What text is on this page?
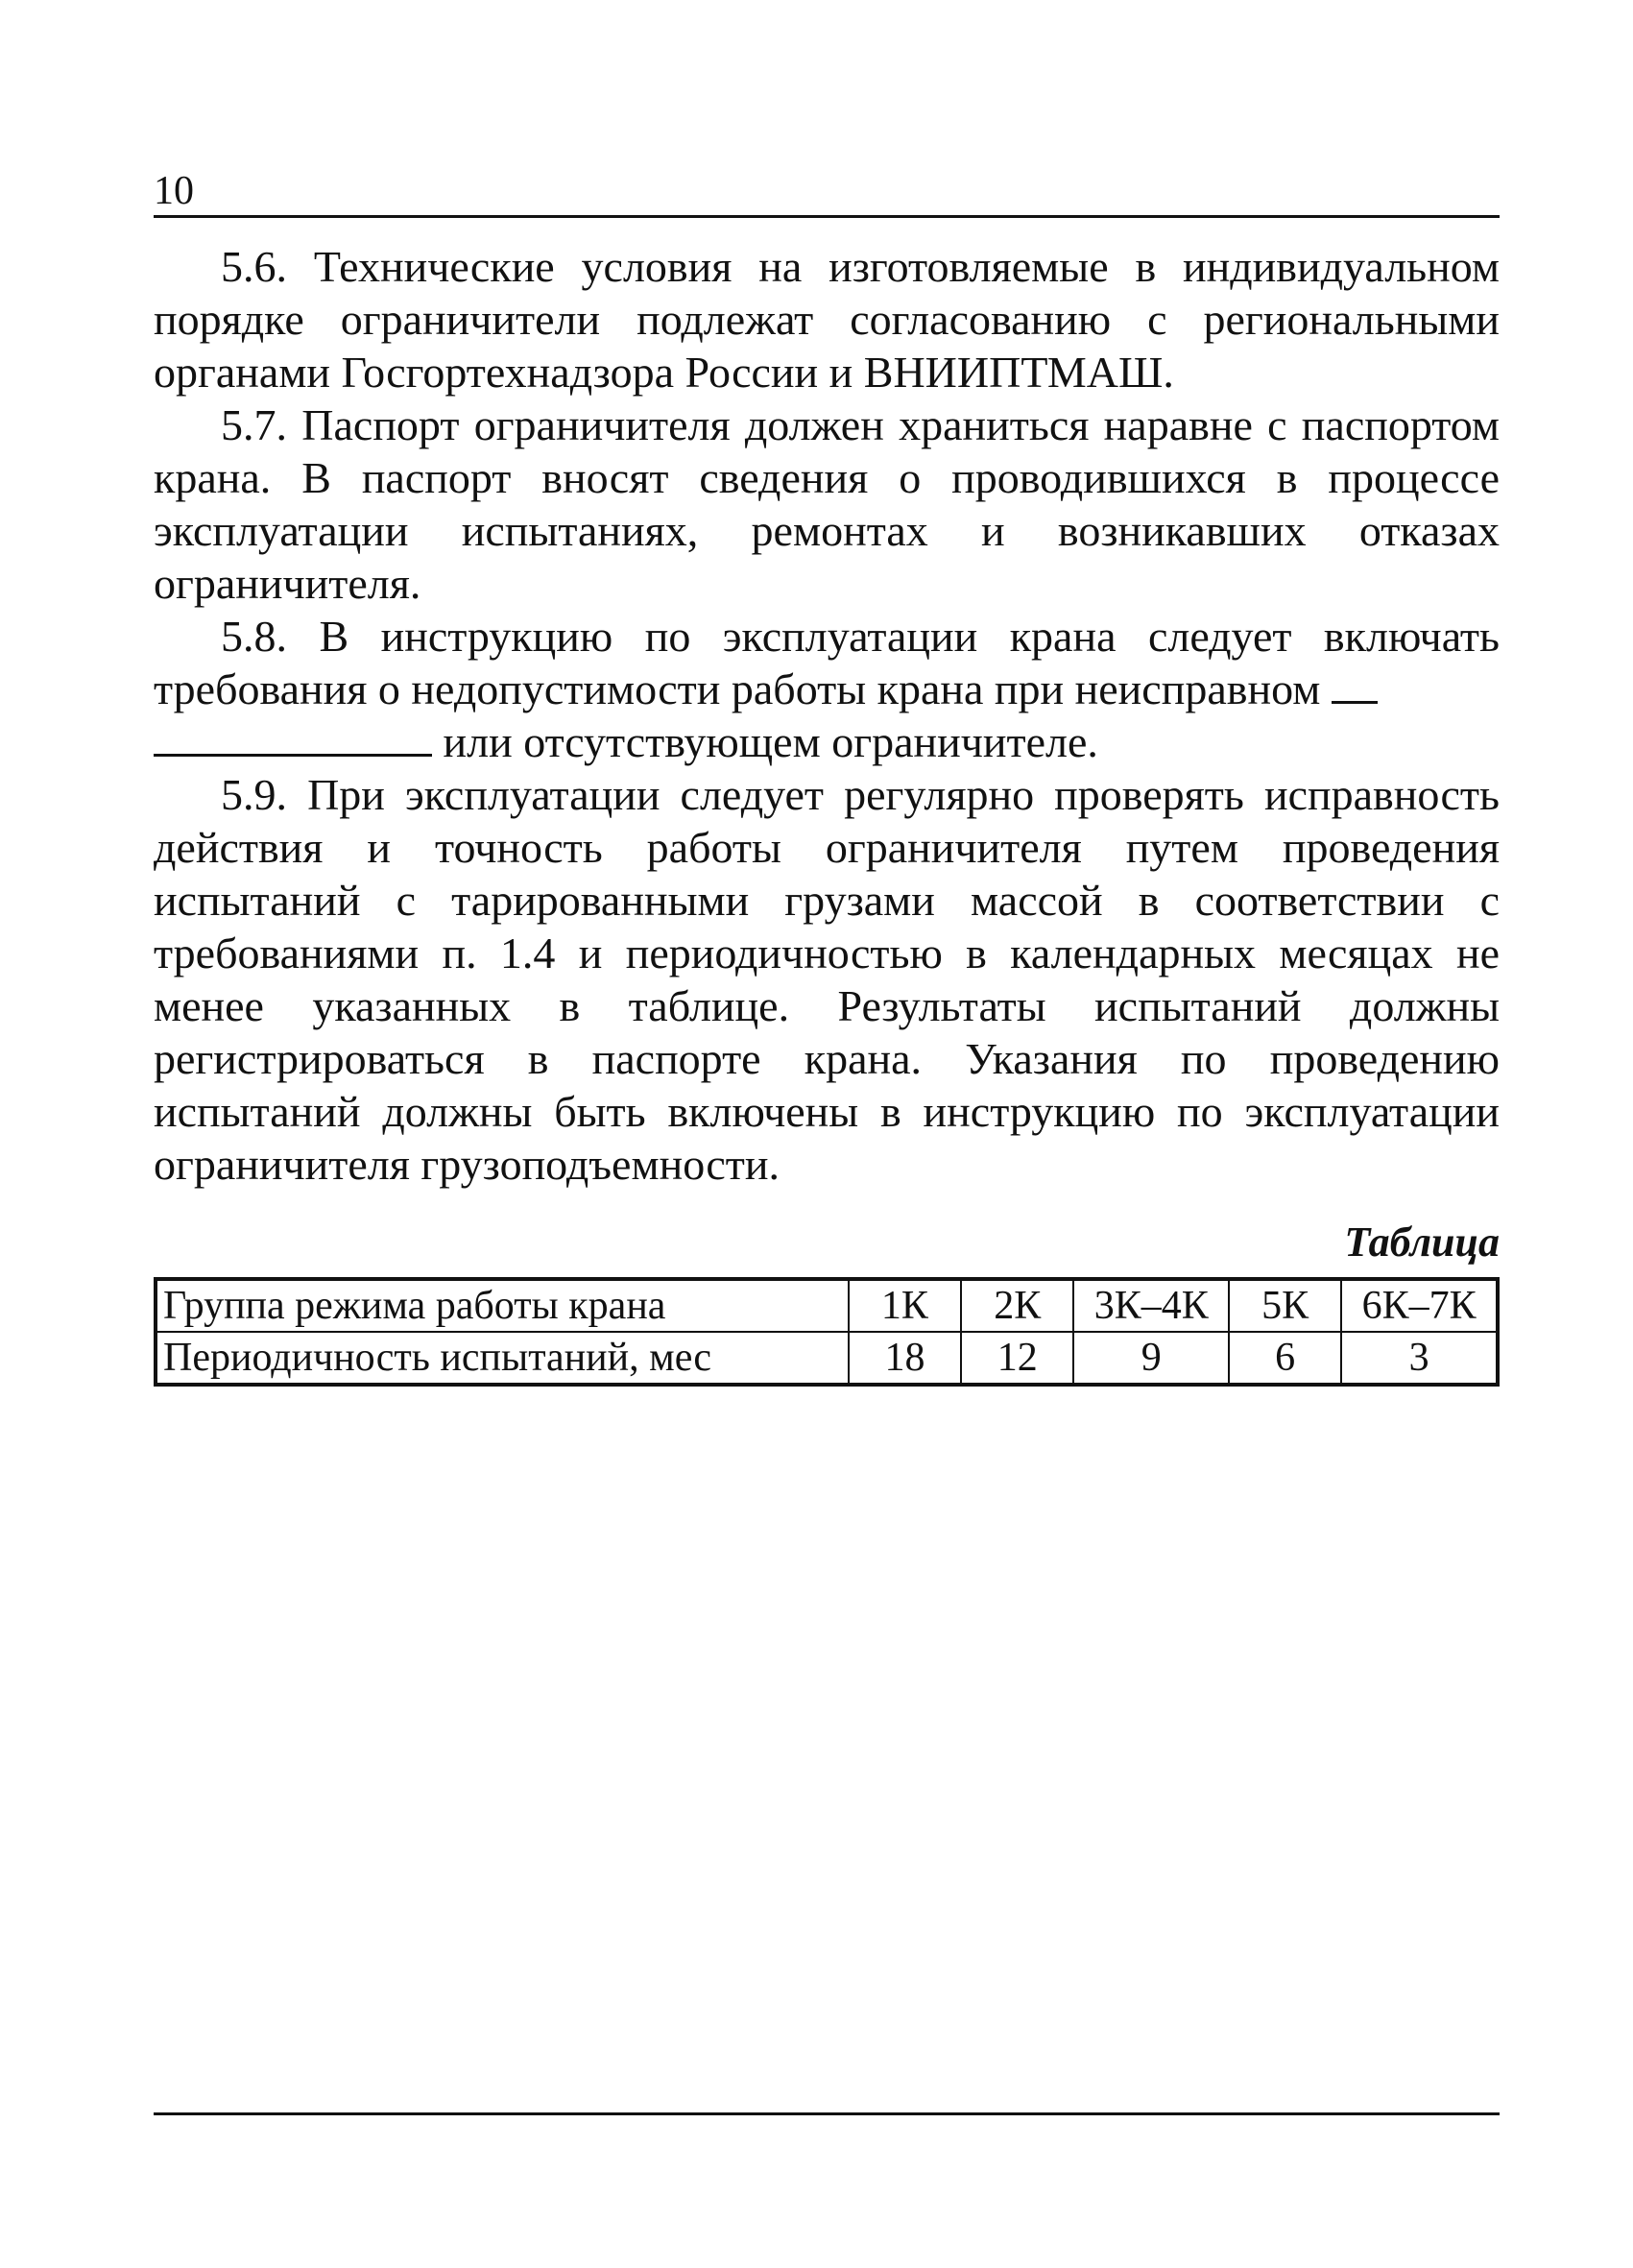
10

5.6. Технические условия на изготовляемые в индивидуальном порядке ограничители подлежат согласованию с региональными органами Госгортехнадзора России и ВНИИПТМАШ.

5.7. Паспорт ограничителя должен храниться наравне с паспортом крана. В паспорт вносят сведения о проводившихся в процессе эксплуатации испытаниях, ремонтах и возникавших отказах ограничителя.

5.8. В инструкцию по эксплуатации крана следует включать требования о недопустимости работы крана при неисправном
или отсутствующем ограничителе.

5.9. При эксплуатации следует регулярно проверять исправность действия и точность работы ограничителя путем проведения испытаний с тарированными грузами массой в соответствии с требованиями п. 1.4 и периодичностью в календарных месяцах не менее указанных в таблице. Результаты испытаний должны регистрироваться в паспорте крана. Указания по проведению испытаний должны быть включены в инструкцию по эксплуатации ограничителя грузоподъемности.

Таблица
Группа режима работы крана	1К	2К	3К–4К	5К	6К–7К
Периодичность испытаний, мес	18	12	9	6	3
